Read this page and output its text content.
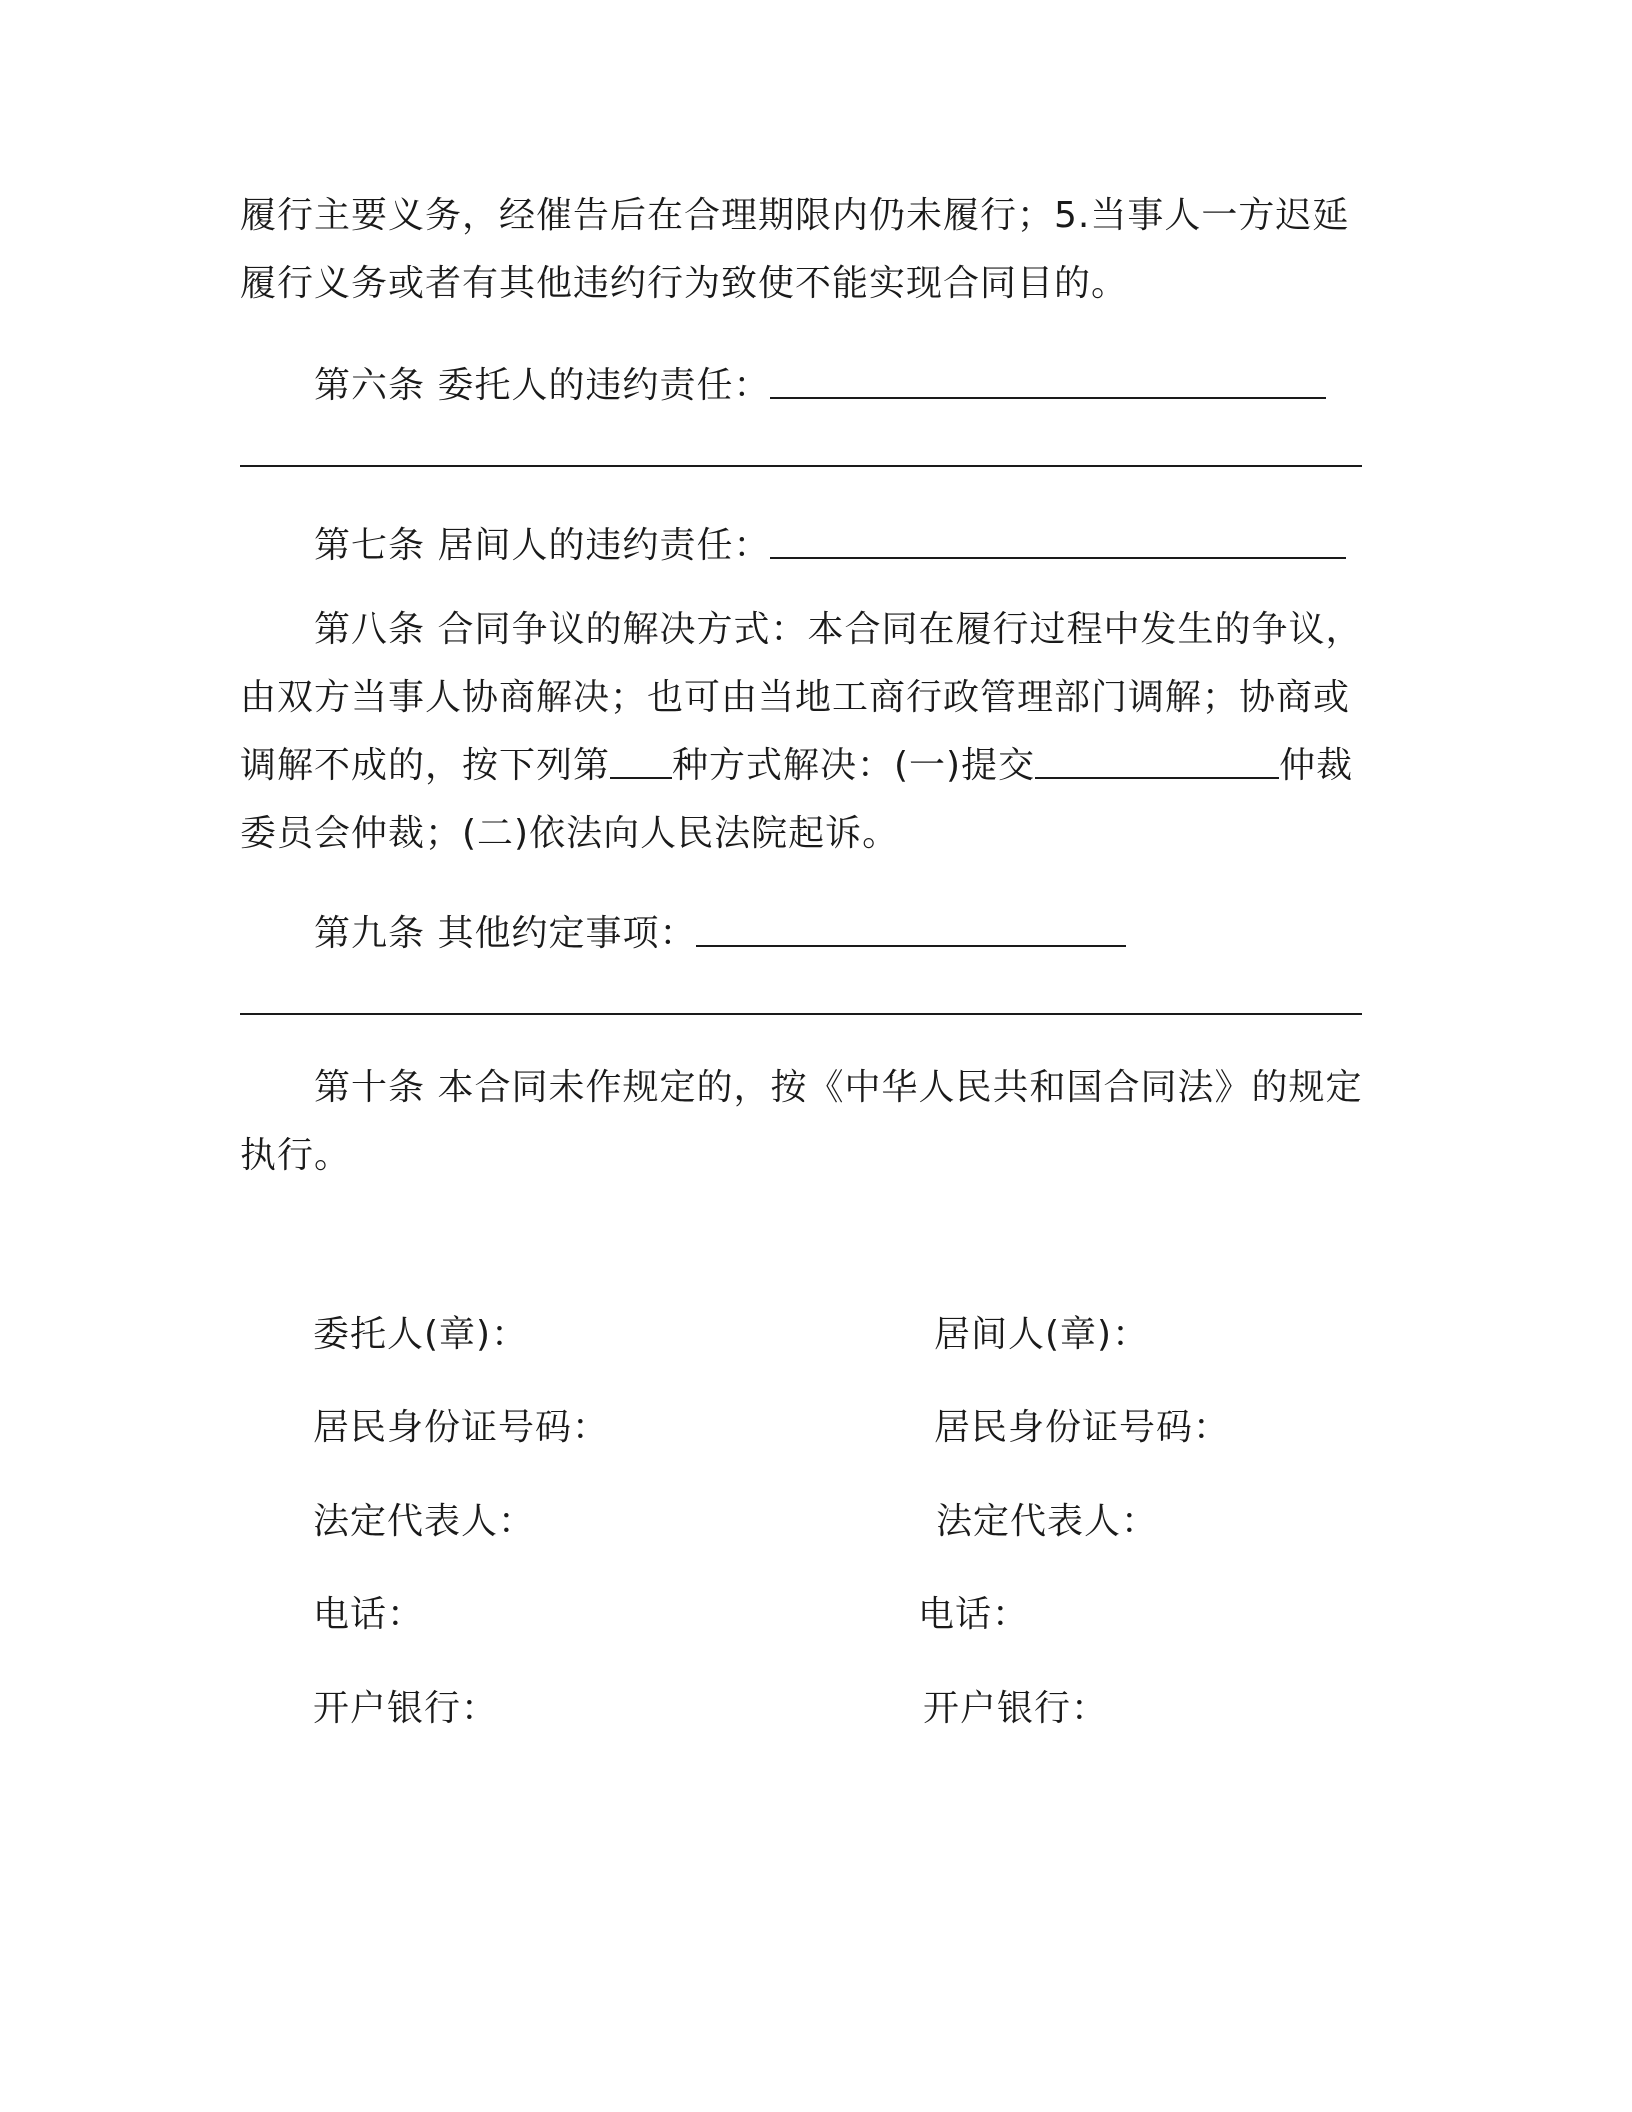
履行主要义务，经催告后在合理期限内仍未履行；5.当事人一方迟延履行义务或者有其他违约行为致使不能实现合同目的。
第六条 委托人的违约责任：
第七条 居间人的违约责任：
第八条 合同争议的解决方式：本合同在履行过程中发生的争议，由双方当事人协商解决；也可由当地工商行政管理部门调解；协商或调解不成的，按下列第 种方式解决：(一)提交	仲裁委员会仲裁；(二)依法向人民法院起诉。
第九条 其他约定事项：
第十条 本合同未作规定的，按《中华人民共和国合同法》的规定执行。
委托人(章)：
居民身份证号码：
法定代表人：
电话：
开户银行：
居间人(章)：
居民身份证号码：
法定代表人：
电话：
开户银行：
